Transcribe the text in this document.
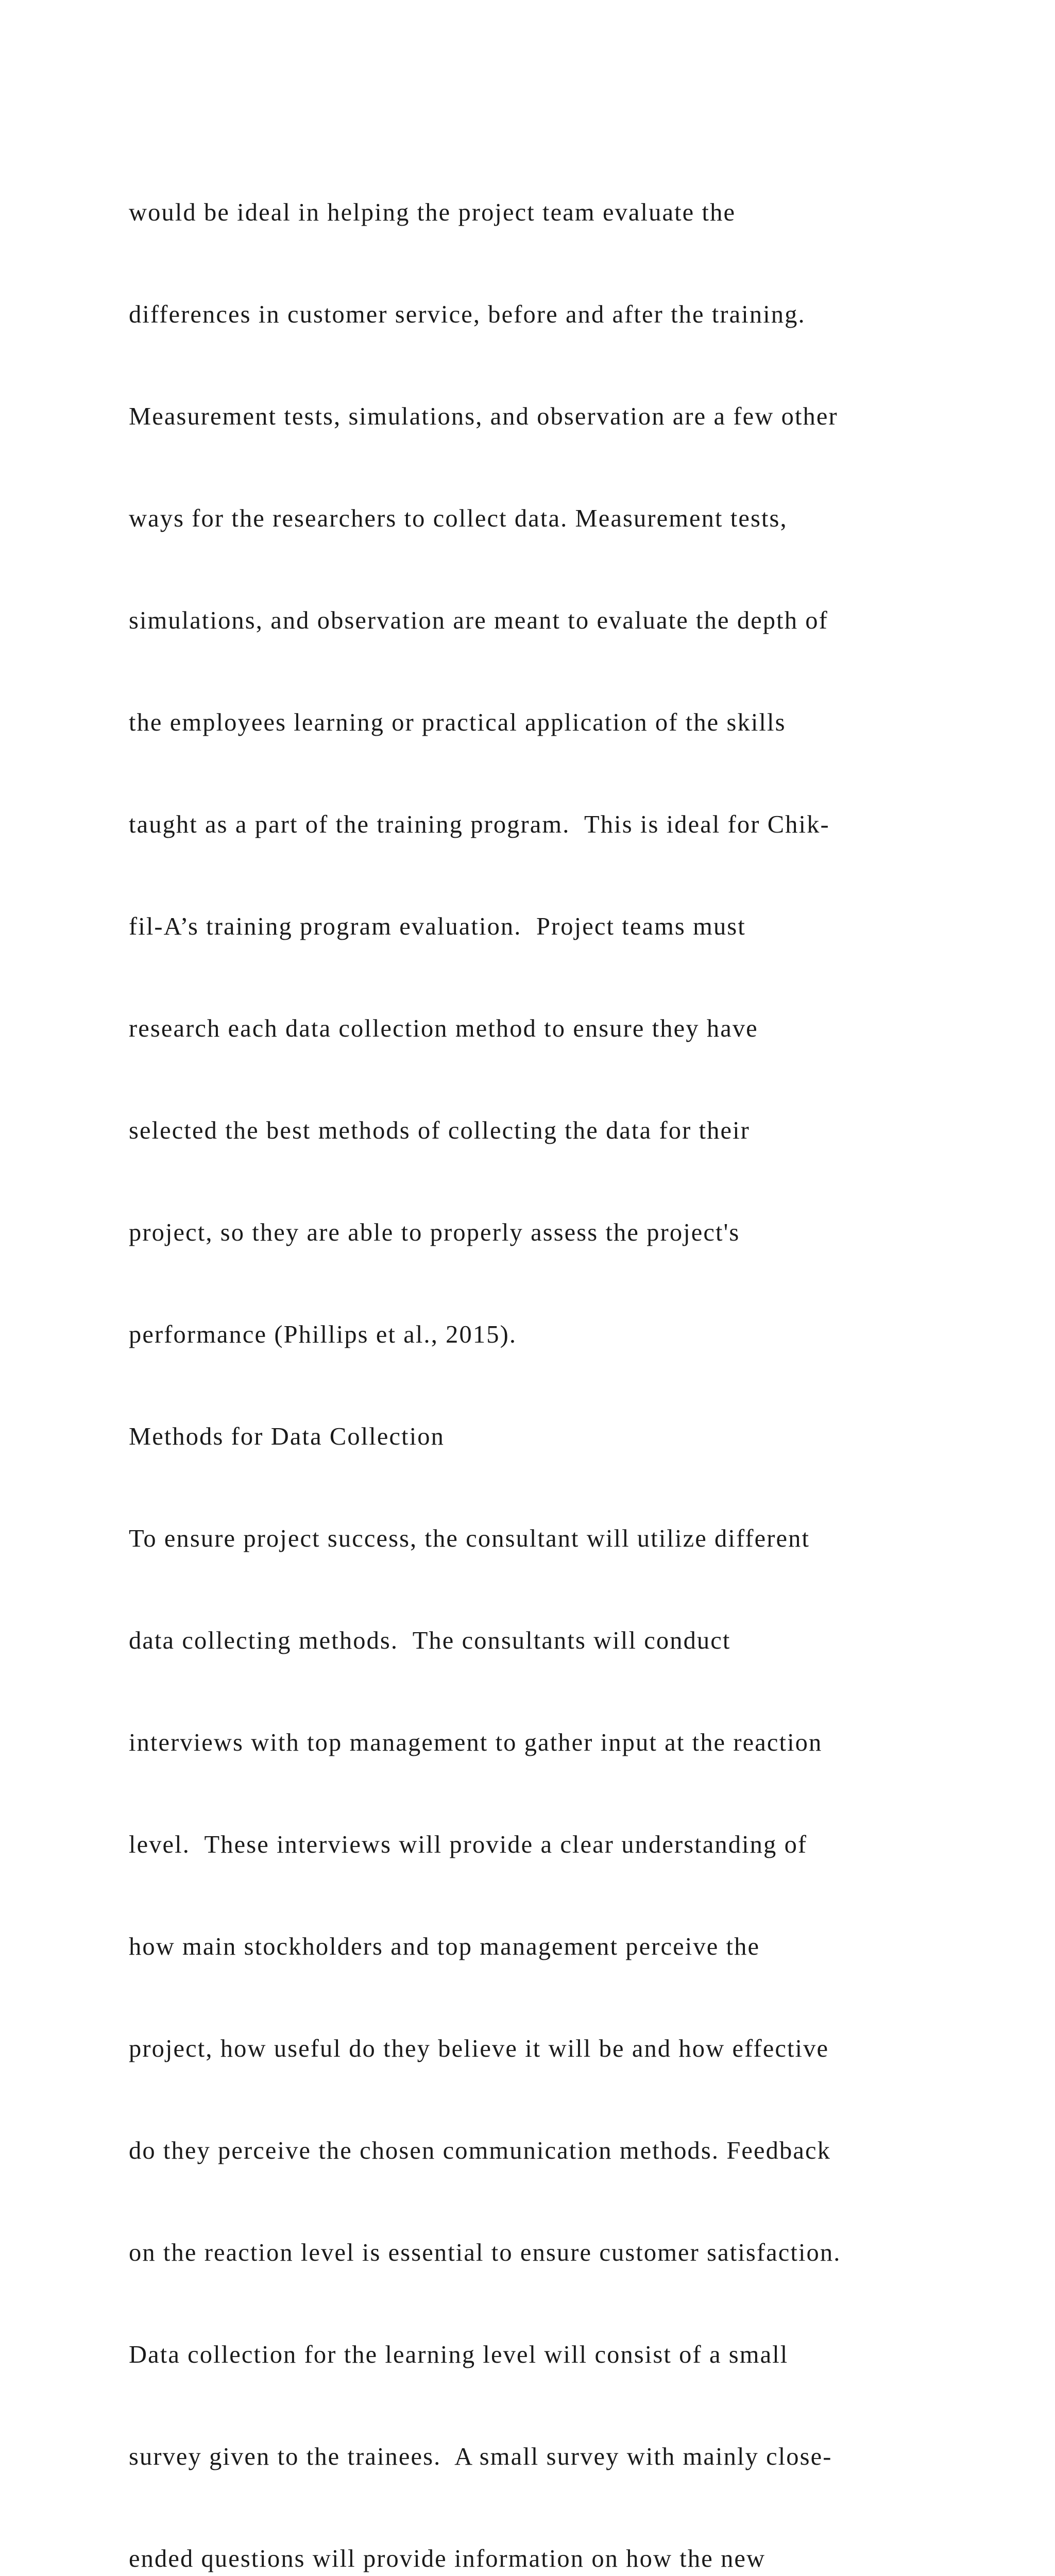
would be ideal in helping the project team evaluate the

differences in customer service, before and after the training.

Measurement tests, simulations, and observation are a few other

ways for the researchers to collect data. Measurement tests,

simulations, and observation are meant to evaluate the depth of

the employees learning or practical application of the skills

taught as a part of the training program.  This is ideal for Chik-

fil-A’s training program evaluation.  Project teams must

research each data collection method to ensure they have

selected the best methods of collecting the data for their

project, so they are able to properly assess the project's

performance (Phillips et al., 2015).

Methods for Data Collection

To ensure project success, the consultant will utilize different

data collecting methods.  The consultants will conduct

interviews with top management to gather input at the reaction

level.  These interviews will provide a clear understanding of

how main stockholders and top management perceive the

project, how useful do they believe it will be and how effective

do they perceive the chosen communication methods. Feedback

on the reaction level is essential to ensure customer satisfaction.

Data collection for the learning level will consist of a small

survey given to the trainees.  A small survey with mainly close-

ended questions will provide information on how the new
